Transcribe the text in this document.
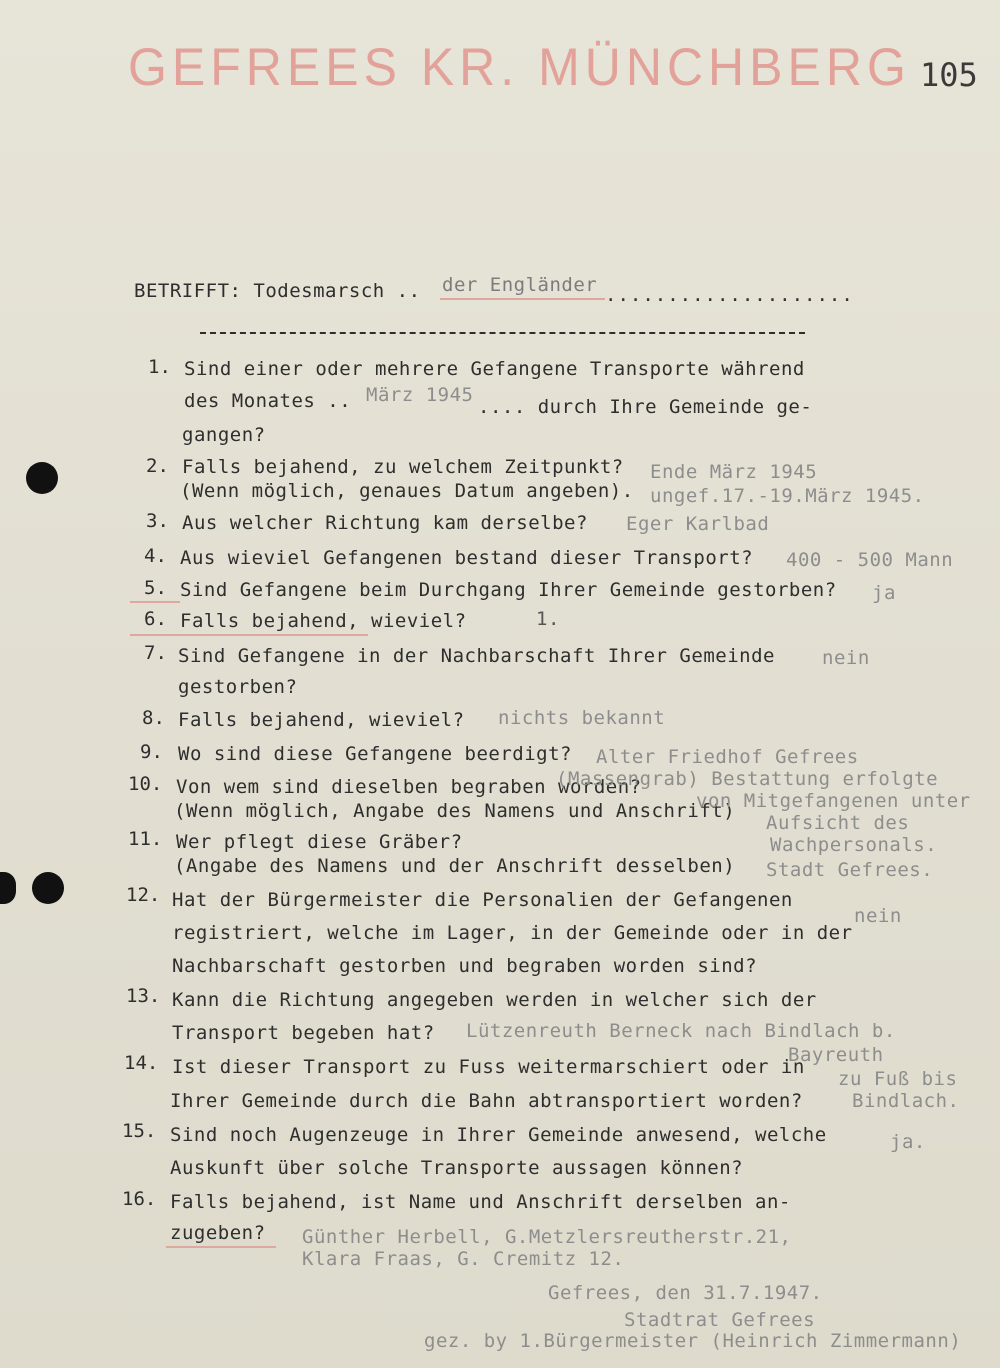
GEFREES KR. MÜNCHBERG 105
BETRIFFT: Todesmarsch .. der Engländer ....................
1. Sind einer oder mehrere Gefangene Transporte während
des Monates .. März 1945
.... durch Ihre Gemeinde ge-
gangen?
2. Falls bejahend, zu welchem Zeitpunkt?
(Wenn möglich, genaues Datum angeben).
Ende März 1945
ungef.17.-19.März 1945.
3. Aus welcher Richtung kam derselbe? Eger Karlbad
4. Aus wieviel Gefangenen bestand dieser Transport? 400 - 500 Mann
5. Sind Gefangene beim Durchgang Ihrer Gemeinde gestorben? ja
6. Falls bejahend, wieviel?	1.
7. Sind Gefangene in der Nachbarschaft Ihrer Gemeinde
gestorben?
nein
8. Falls bejahend, wieviel? nichts bekannt
9. Wo sind diese Gefangene beerdigt? Alter Friedhof Gefrees
10. Von wem sind dieselben begraben worden?
(Wenn möglich, Angabe des Namens und Anschrift)
(Massengrab) Bestattung erfolgte
von Mitgefangenen unter
Aufsicht des
Wachpersonals.
11. Wer pflegt diese Gräber?
(Angabe des Namens und der Anschrift desselben) Stadt Gefrees.
12. Hat der Bürgermeister die Personalien der Gefangenen
registriert, welche im Lager, in der Gemeinde oder in der
Nachbarschaft gestorben und begraben worden sind?
nein
13. Kann die Richtung angegeben werden in welcher sich der
Transport begeben hat? Lützenreuth Berneck nach Bindlach b.
Bayreuth
14. Ist dieser Transport zu Fuss weitermarschiert oder in
Ihrer Gemeinde durch die Bahn abtransportiert worden?
zu Fuß bis
Bindlach.
15. Sind noch Augenzeuge in Ihrer Gemeinde anwesend, welche
Auskunft über solche Transporte aussagen können?
ja.
16. Falls bejahend, ist Name und Anschrift derselben an-
zugeben? Günther Herbell, G.Metzlersreutherstr.21,
Klara Fraas, G. Cremitz 12.
Gefrees, den 31.7.1947.
Stadtrat Gefrees
gez. by 1.Bürgermeister (Heinrich Zimmermann)
